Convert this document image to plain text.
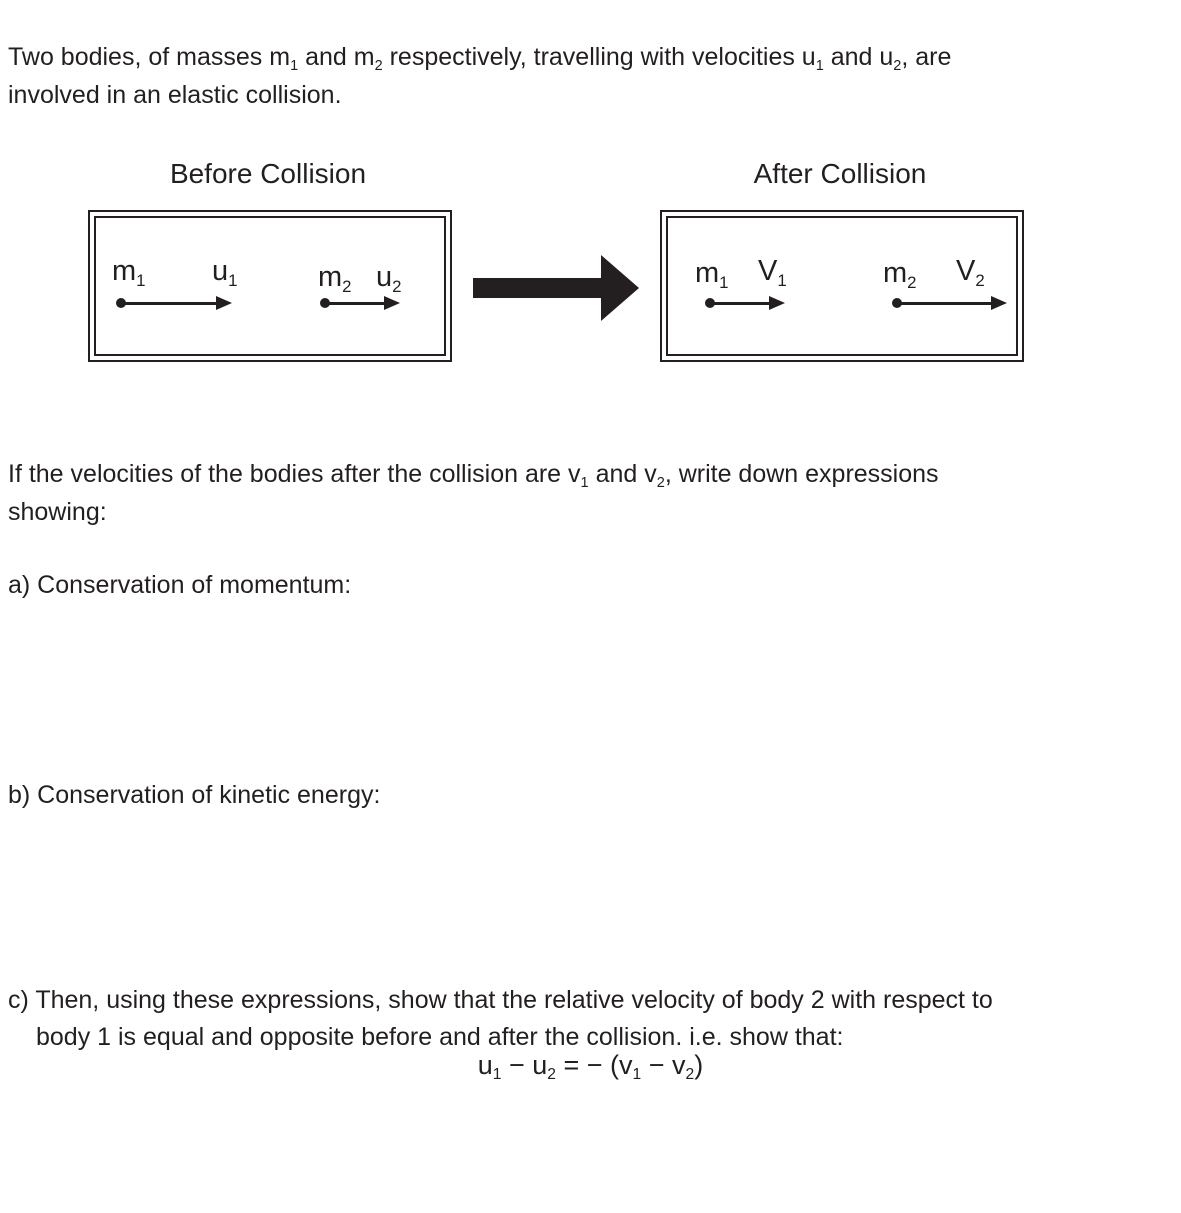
Two bodies, of masses m1 and m2 respectively, travelling with velocities u1 and u2, are
involved in an elastic collision.
Before Collision	After Collision
m1 u1	m2 u2	m1 V1	m2 V2
If the velocities of the bodies after the collision are v1 and v2, write down expressions
showing:
a) Conservation of momentum:
b) Conservation of kinetic energy:
c) Then, using these expressions, show that the relative velocity of body 2 with respect to
body 1 is equal and opposite before and after the collision. i.e. show that:
u1 − u2 = − (v1 − v2)
